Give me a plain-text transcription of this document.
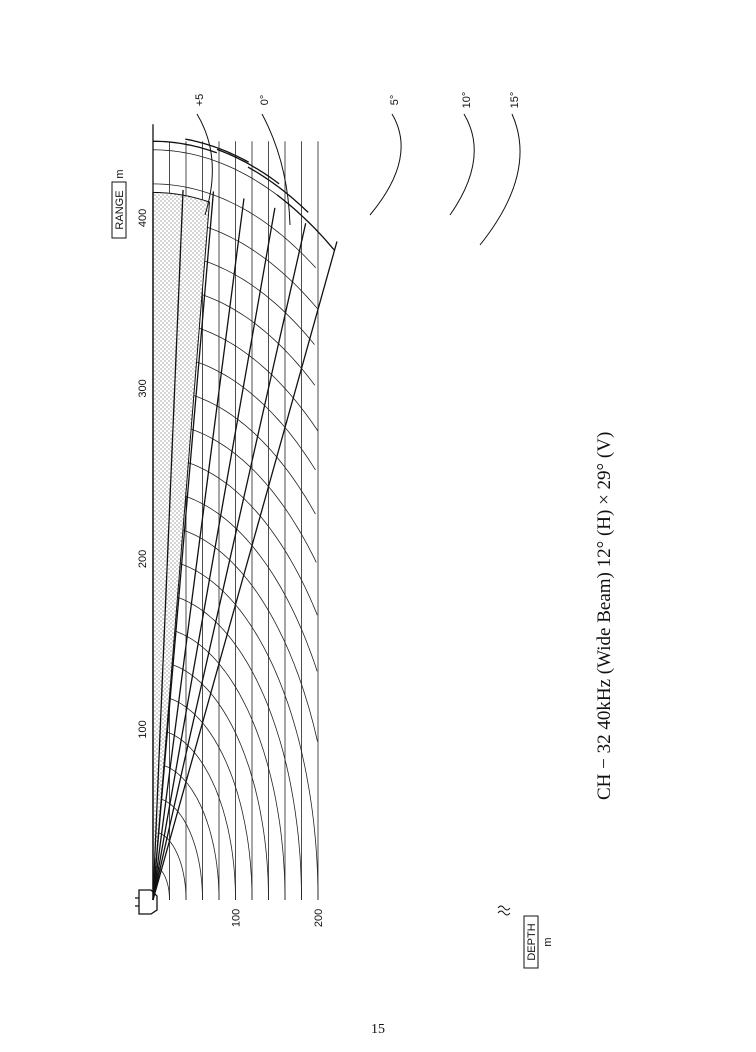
100
200
300
400
100	200
RANGE
m
DEPTH m
+5	0°	5°	10°	15°
CH − 32 40kHz (Wide Beam) 12° (H) × 29° (V)
15
